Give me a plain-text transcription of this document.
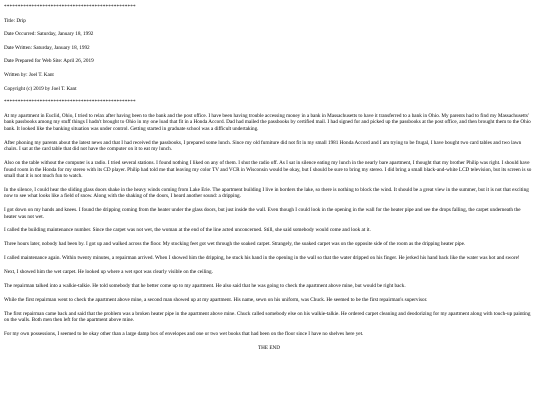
************************************************
Title: Drip
Date Occurred: Saturday, January 18, 1992
Date Written: Saturday, January 18, 1992
Date Prepared for Web Site: April 26, 2019
Written by: Joel T. Kant
Copyright (c) 2019 by Joel T. Kant
************************************************

At my apartment in Euclid, Ohio, I tried to relax after having been to the bank and the post office. I have been having trouble accessing money in a bank in Massachusetts to have it transferred to a bank in Ohio. My parents had to find my Massachusetts' bank passbooks among my stuff things I hadn't brought to Ohio in my one load that fit in a Honda Accord. Dad had mailed the passbooks by certified mail. I had signed for and picked up the passbooks at the post office, and then brought them to the Ohio bank. It looked like the banking situation was under control. Getting started in graduate school was a difficult undertaking.

After phoning my parents about the latest news and that I had received the passbooks, I prepared some lunch. Since my old furniture did not fit in my small 1981 Honda Accord and I am trying to be frugal, I have bought two card tables and two lawn chairs. I sat at the card table that did not have the computer on it to eat my lunch.

Also on the table without the computer is a radio. I tried several stations. I found nothing I liked on any of them. I shut the radio off. As I sat in silence eating my lunch in the nearly bare apartment, I thought that my brother Philip was right. I should have found room in the Honda for my stereo with its CD player. Philip had told me that leaving my color TV and VCR in Wisconsin would be okay, but I should be sure to bring my stereo. I did bring a small black-and-white LCD television, but its screen is so small that it is not much fun to watch.

In the silence, I could hear the sliding glass doors shake in the heavy winds coming from Lake Erie. The apartment building I live in borders the lake, so there is nothing to block the wind. It should be a great view in the summer, but it is not that exciting now to see what looks like a field of snow. Along with the shaking of the doors, I heard another sound: a dripping.

I got down on my hands and knees. I found the dripping coming from the heater under the glass doors, but just inside the wall. Even though I could look in the opening in the wall for the heater pipe and see the drops falling, the carpet underneath the heater was not wet.

I called the building maintenance number. Since the carpet was not wet, the woman at the end of the line acted unconcerned. Still, she said somebody would come and look at it.

Three hours later, nobody had been by. I got up and walked across the floor. My stocking feet got wet through the soaked carpet. Strangely, the soaked carpet was on the opposite side of the room as the dripping heater pipe.

I called maintenance again. Within twenty minutes, a repairman arrived. When I showed him the dripping, he stuck his hand in the opening in the wall so that the water dripped on his finger. He jerked his hand back like the water was hot and swore!

Next, I showed him the wet carpet. He looked up where a wet spot was clearly visible on the ceiling.

The repairman talked into a walkie-talkie. He told somebody that he better come up to my apartment. He also said that he was going to check the apartment above mine, but would be right back.

While the first repairman went to check the apartment above mine, a second man showed up at my apartment. His name, sewn on his uniform, was Chuck. He seemed to be the first repairman's supervisor.

The first repairman came back and said that the problem was a broken heater pipe in the apartment above mine. Chuck called somebody else on his walkie-talkie. He ordered carpet cleaning and deodorizing for my apartment along with touch-up painting on the walls. Both men then left for the apartment above mine.

For my own possessions, I seemed to be okay other than a large damp box of envelopes and one or two wet books that had been on the floor since I have no shelves here yet.

THE END
